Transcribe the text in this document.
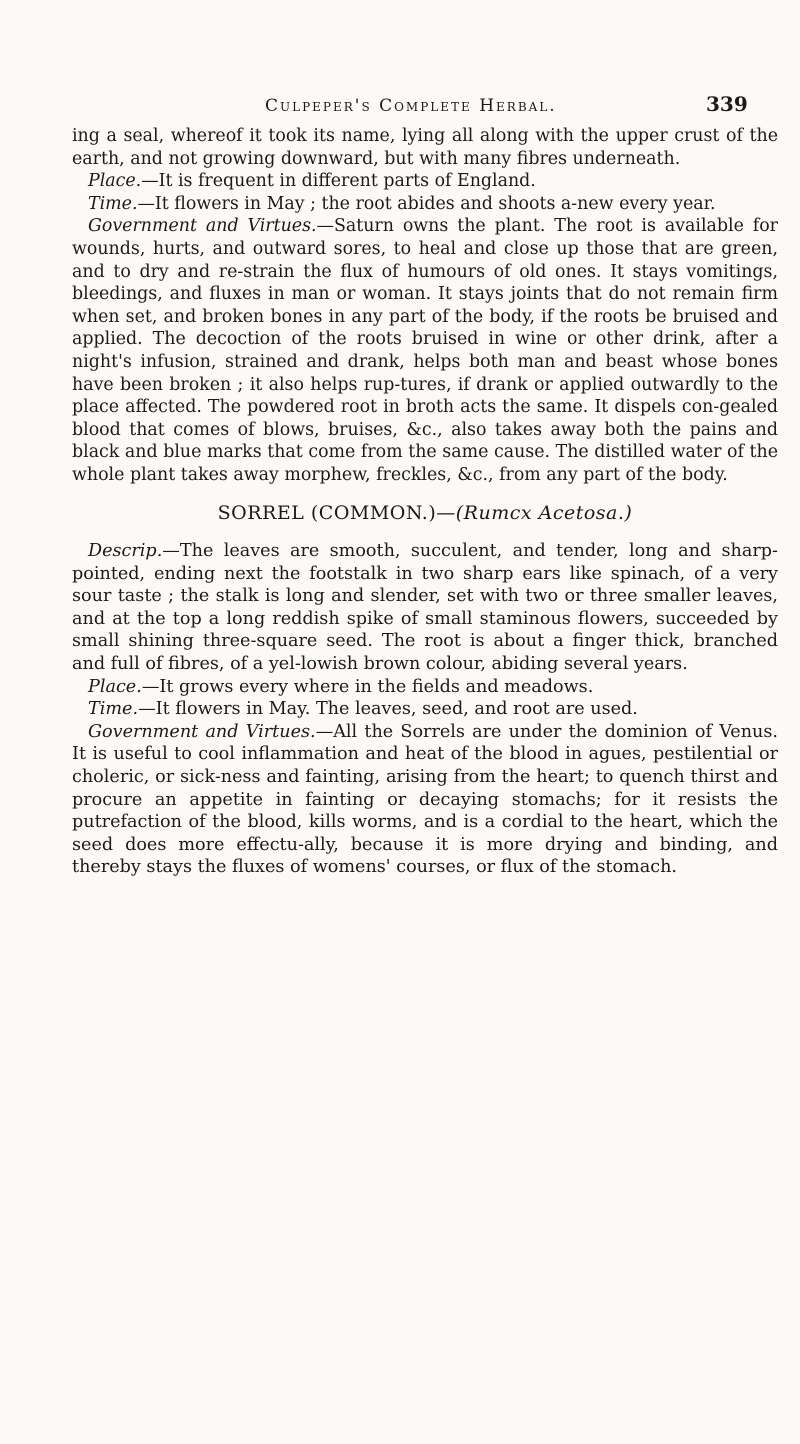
Culpeper's Complete Herbal.	339

ing a seal, whereof it took its name, lying all along with the upper crust of the earth, and not growing downward, but with many fibres underneath.

Place.—It is frequent in different parts of England.

Time.—It flowers in May ; the root abides and shoots a-new every year.

Government and Virtues.—Saturn owns the plant. The root is available for wounds, hurts, and outward sores, to heal and close up those that are green, and to dry and re-strain the flux of humours of old ones. It stays vomitings, bleedings, and fluxes in man or woman. It stays joints that do not remain firm when set, and broken bones in any part of the body, if the roots be bruised and applied. The decoction of the roots bruised in wine or other drink, after a night's infusion, strained and drank, helps both man and beast whose bones have been broken ; it also helps rup-tures, if drank or applied outwardly to the place affected. The powdered root in broth acts the same. It dispels con-gealed blood that comes of blows, bruises, &c., also takes away both the pains and black and blue marks that come from the same cause. The distilled water of the whole plant takes away morphew, freckles, &c., from any part of the body.

SORREL (COMMON.)—(Rumcx Acetosa.)

Descrip.—The leaves are smooth, succulent, and tender, long and sharp-pointed, ending next the footstalk in two sharp ears like spinach, of a very sour taste ; the stalk is long and slender, set with two or three smaller leaves, and at the top a long reddish spike of small staminous flowers, succeeded by small shining three-square seed. The root is about a finger thick, branched and full of fibres, of a yel-lowish brown colour, abiding several years.

Place.—It grows every where in the fields and meadows.

Time.—It flowers in May. The leaves, seed, and root are used.

Government and Virtues.—All the Sorrels are under the dominion of Venus. It is useful to cool inflammation and heat of the blood in agues, pestilential or choleric, or sick-ness and fainting, arising from the heart; to quench thirst and procure an appetite in fainting or decaying stomachs; for it resists the putrefaction of the blood, kills worms, and is a cordial to the heart, which the seed does more effectu-ally, because it is more drying and binding, and thereby stays the fluxes of womens' courses, or flux of the stomach.
